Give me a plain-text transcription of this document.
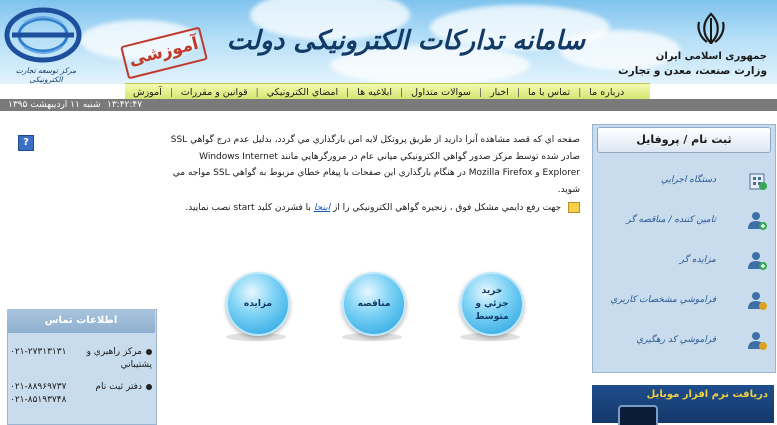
مرکز توسعه تجارت الکترونیکی
آموزشی سامانه تدارکات الکترونیکی دولت
جمهوری اسلامی ایران
وزارت صنعت، معدن و تجارت
آموزش | قوانين و مقررات | امضاي الکترونيکي | ابلاغيه ها | سوالات متداول | اخبار | تماس با ما | درباره ما
شنبه ۱۱ ارديبهشت ۱۳۹۵ ۱۳:۴۲:۴۷
?	صفحه اي که قصد مشاهده آنرا داريد از طريق پروتکل لايه امن بارگذاري مي گردد، بدليل عدم درج گواهي SSL صادر شده توسط مرکز صدور گواهي الکترونيکي مياني عام در مرورگرهايي مانند Windows Internet Explorer و Mozilla Firefox در هنگام بارگذاري اين صفحات با پيغام خطاي مربوط به گواهي SSL مواجه مي شويد.

جهت رفع دايمي مشکل فوق ، زنجيره گواهي الکترونيکي را از اينجا با فشردن کليد start نصب نماييد.

خريد جزئي و متوسط
مناقصه
مزايده
ثبت نام / پروفايل
دستگاه اجرايي
تامين کننده / مناقصه گر
مزايده گر
فراموشي مشخصات کاربري
فراموشي کد رهگيري
دريافت نرم افزار موبايل
اطلاعات تماس
مرکز راهبري و پشتيباني
۰۲۱-۲۷۳۱۳۱۳۱
دفتر ثبت نام
۰۲۱-۸۸۹۶۹۷۳۷
۰۲۱-۸۵۱۹۳۷۴۸
